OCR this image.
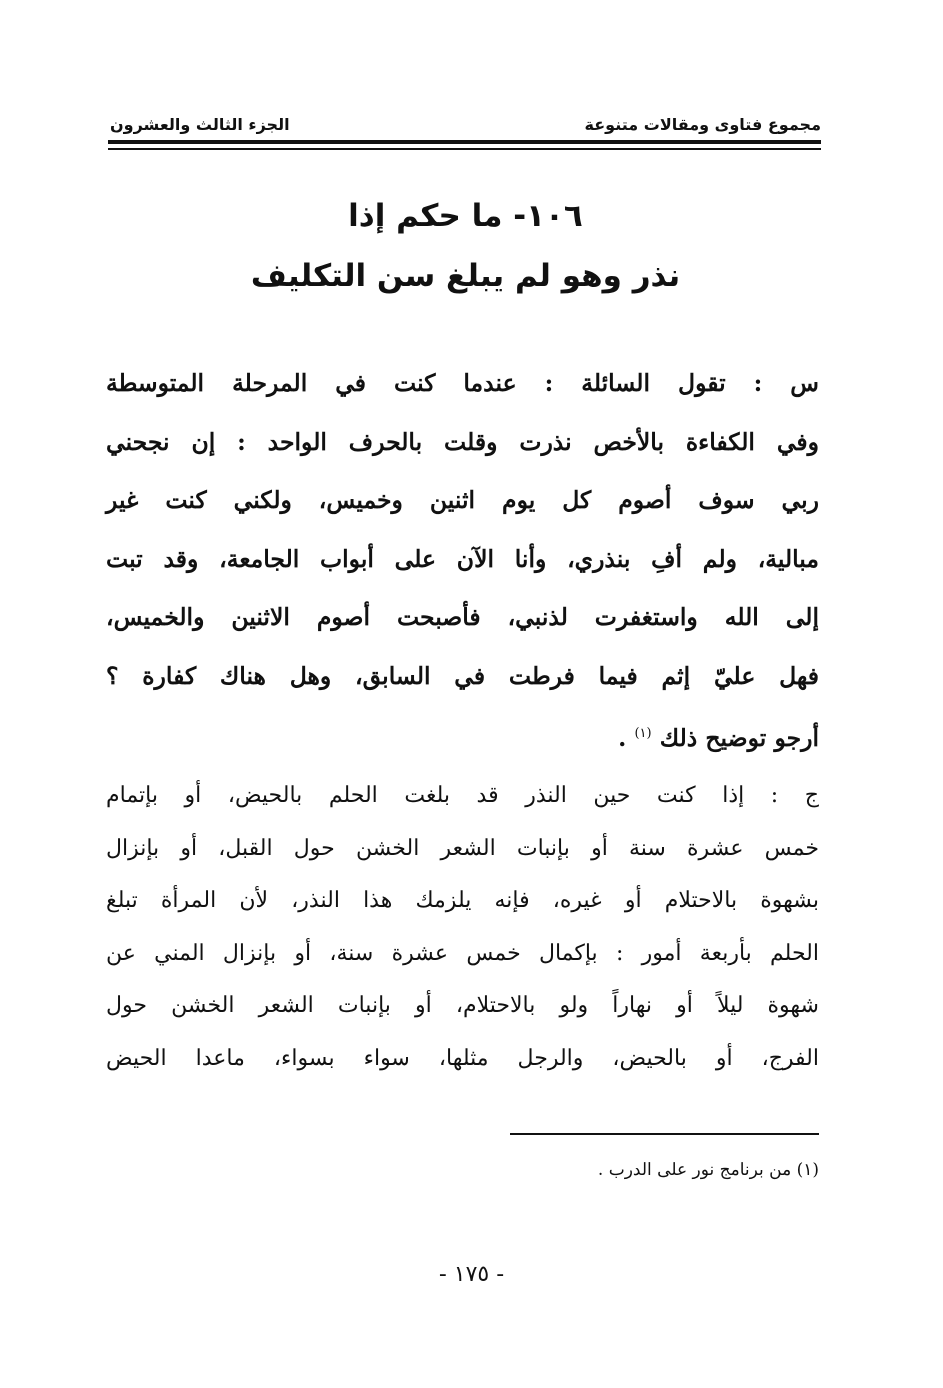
مجموع فتاوى ومقالات متنوعة
الجزء الثالث والعشرون
١٠٦- ما حكم إذا
نذر وهو لم يبلغ سن التكليف
س : تقول السائلة : عندما كنت في المرحلة المتوسطة
وفي الكفاءة بالأخص نذرت وقلت بالحرف الواحد : إن نجحني
ربي سوف أصوم كل يوم اثنين وخميس، ولكني كنت غير
مبالية، ولم أفِ بنذري، وأنا الآن على أبواب الجامعة، وقد تبت
إلى الله واستغفرت لذنبي، فأصبحت أصوم الاثنين والخميس،
فهل عليّ إثم فيما فرطت في السابق، وهل هناك كفارة ؟
أرجو توضيح ذلك $^{(١)}$ .
ج : إذا كنت حين النذر قد بلغت الحلم بالحيض، أو بإتمام
خمس عشرة سنة أو بإنبات الشعر الخشن حول القبل، أو بإنزال
بشهوة بالاحتلام أو غيره، فإنه يلزمك هذا النذر، لأن المرأة تبلغ
الحلم بأربعة أمور : بإكمال خمس عشرة سنة، أو بإنزال المني عن
شهوة ليلاً أو نهاراً ولو بالاحتلام، أو بإنبات الشعر الخشن حول
الفرج، أو بالحيض، والرجل مثلها، سواء بسواء، ماعدا الحيض
(١) من برنامج نور على الدرب .
- ١٧٥ -
